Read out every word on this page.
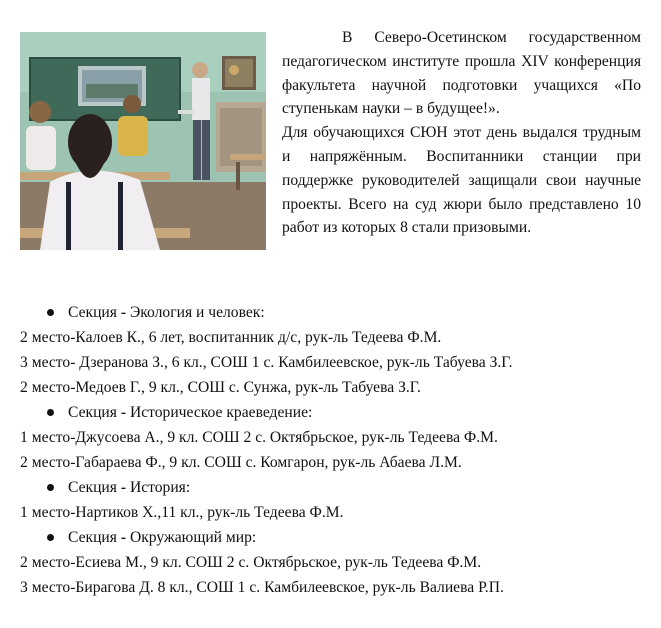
В Северо-Осетинском государственном педагогическом институте прошла XIV конференция факультета научной подготовки учащихся «По ступенькам науки – в будущее!».

Для обучающихся СЮН этот день выдался трудным и напряжённым. Воспитанники станции при поддержке руководителей защищали свои научные проекты. Всего на суд жюри было представлено 10 работ из которых 8 стали призовыми.

Секция - Экология и человек:
2 место-Калоев К., 6 лет, воспитанник д/с, рук-ль Тедеева Ф.М.
3 место- Дзеранова З., 6 кл., СОШ 1 с. Камбилеевское, рук-ль Табуева З.Г.
2 место-Медоев Г., 9 кл., СОШ с. Сунжа, рук-ль Табуева З.Г.
Секция - Историческое краеведение:
1 место-Джусоева А., 9 кл. СОШ 2 с. Октябрьское, рук-ль Тедеева Ф.М.
2 место-Габараева Ф., 9 кл. СОШ с. Комгарон, рук-ль Абаева Л.М.
Секция - История:
1 место-Нартиков Х.,11 кл., рук-ль Тедеева Ф.М.
Секция - Окружающий мир:
2 место-Есиева М., 9 кл. СОШ 2 с. Октябрьское, рук-ль Тедеева Ф.М.
3 место-Бирагова Д. 8 кл., СОШ 1 с. Камбилеевское, рук-ль Валиева Р.П.
